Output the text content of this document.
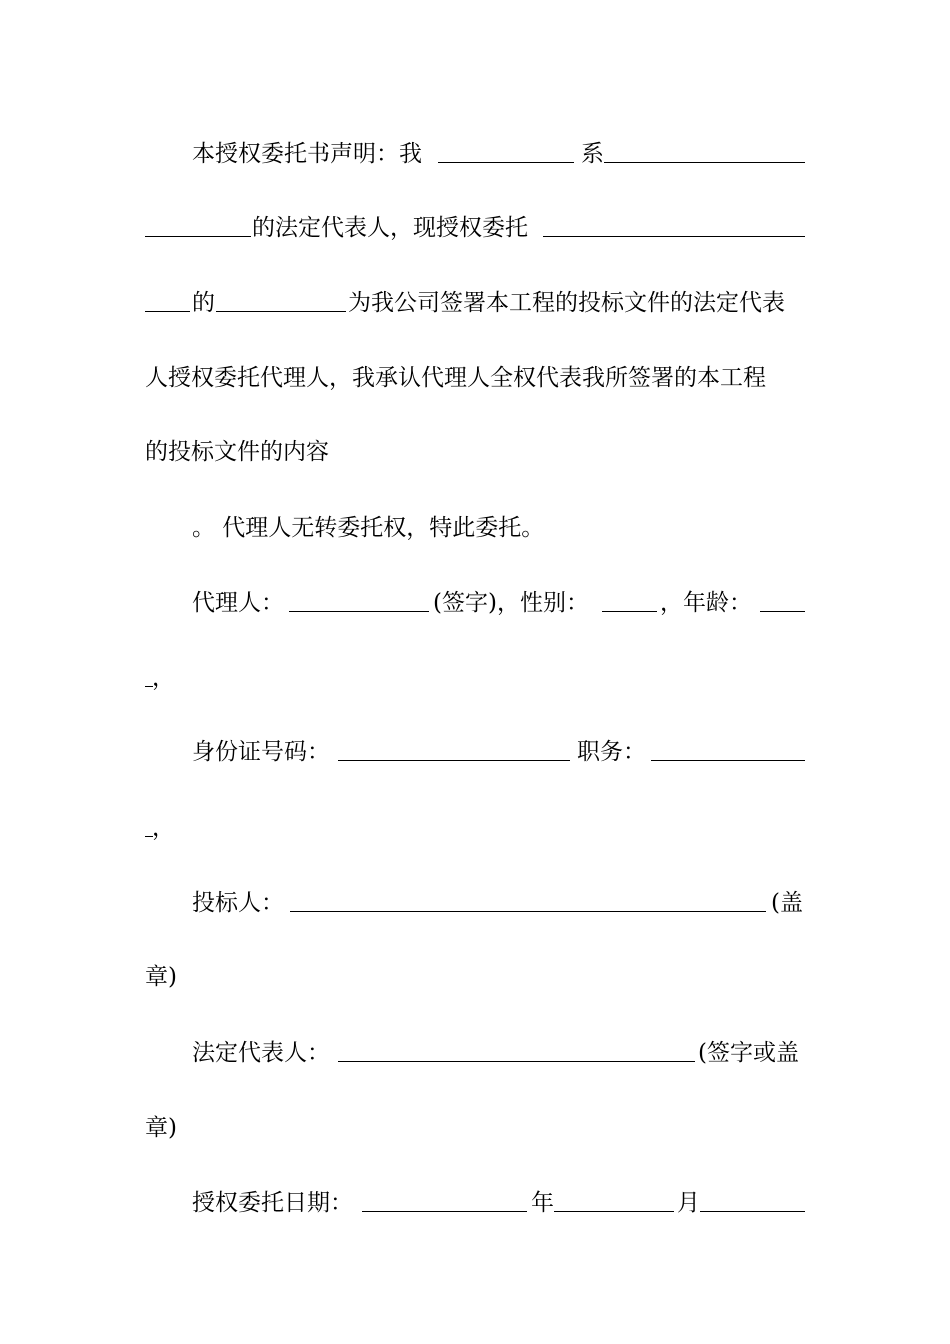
本授权委托书声明：我	系
的法定代表人，现授权委托
的	为我公司签署本工程的投标文件的法定代表
人授权委托代理人，我承认代理人全权代表我所签署的本工程
的投标文件的内容
。 代理人无转委托权，特此委托。
代理人：	(签字)，性别：	，年龄：
，
身份证号码：	职务：
，
投标人：	(盖
章)
法定代表人：	(签字或盖
章)
授权委托日期：	年	月
